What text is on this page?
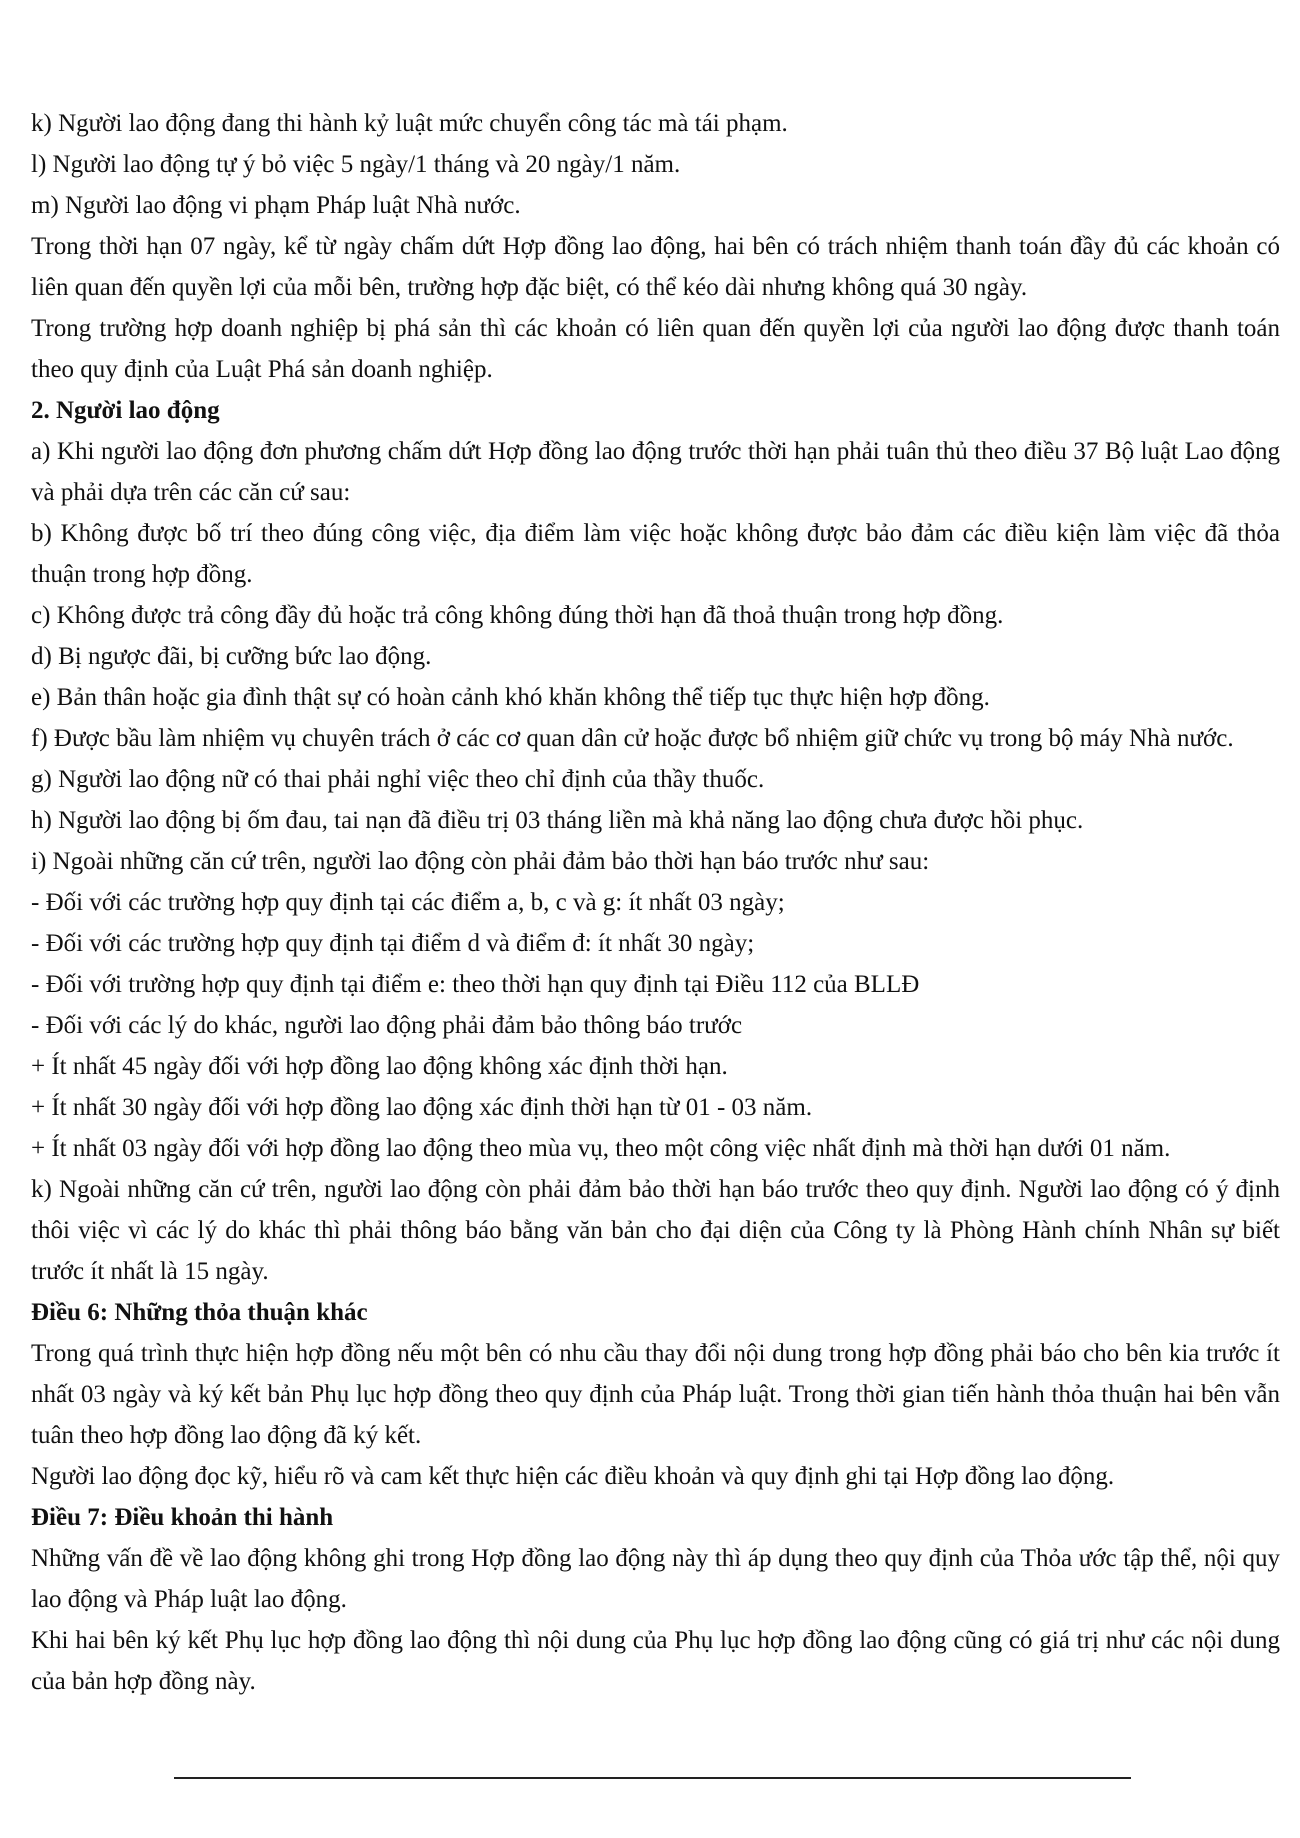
k) Người lao động đang thi hành kỷ luật mức chuyển công tác mà tái phạm.

l) Người lao động tự ý bỏ việc 5 ngày/1 tháng và 20 ngày/1 năm.

m) Người lao động vi phạm Pháp luật Nhà nước.

Trong thời hạn 07 ngày, kể từ ngày chấm dứt Hợp đồng lao động, hai bên có trách nhiệm thanh toán đầy đủ các khoản có liên quan đến quyền lợi của mỗi bên, trường hợp đặc biệt, có thể kéo dài nhưng không quá 30 ngày.

Trong trường hợp doanh nghiệp bị phá sản thì các khoản có liên quan đến quyền lợi của người lao động được thanh toán theo quy định của Luật Phá sản doanh nghiệp.

2. Người lao động

a) Khi người lao động đơn phương chấm dứt Hợp đồng lao động trước thời hạn phải tuân thủ theo điều 37 Bộ luật Lao động và phải dựa trên các căn cứ sau:

b) Không được bố trí theo đúng công việc, địa điểm làm việc hoặc không được bảo đảm các điều kiện làm việc đã thỏa thuận trong hợp đồng.

c) Không được trả công đầy đủ hoặc trả công không đúng thời hạn đã thoả thuận trong hợp đồng.

d) Bị ngược đãi, bị cưỡng bức lao động.

e) Bản thân hoặc gia đình thật sự có hoàn cảnh khó khăn không thể tiếp tục thực hiện hợp đồng.

f) Được bầu làm nhiệm vụ chuyên trách ở các cơ quan dân cử hoặc được bổ nhiệm giữ chức vụ trong bộ máy Nhà nước.

g) Người lao động nữ có thai phải nghỉ việc theo chỉ định của thầy thuốc.

h) Người lao động bị ốm đau, tai nạn đã điều trị 03 tháng liền mà khả năng lao động chưa được hồi phục.

i) Ngoài những căn cứ trên, người lao động còn phải đảm bảo thời hạn báo trước như sau:

- Đối với các trường hợp quy định tại các điểm a, b, c và g: ít nhất 03 ngày;

- Đối với các trường hợp quy định tại điểm d và điểm đ: ít nhất 30 ngày;

- Đối với trường hợp quy định tại điểm e: theo thời hạn quy định tại Điều 112 của BLLĐ

- Đối với các lý do khác, người lao động phải đảm bảo thông báo trước

+ Ít nhất 45 ngày đối với hợp đồng lao động không xác định thời hạn.

+ Ít nhất 30 ngày đối với hợp đồng lao động xác định thời hạn từ 01 - 03 năm.

+ Ít nhất 03 ngày đối với hợp đồng lao động theo mùa vụ, theo một công việc nhất định mà thời hạn dưới 01 năm.

k) Ngoài những căn cứ trên, người lao động còn phải đảm bảo thời hạn báo trước theo quy định. Người lao động có ý định thôi việc vì các lý do khác thì phải thông báo bằng văn bản cho đại diện của Công ty là Phòng Hành chính Nhân sự biết trước ít nhất là 15 ngày.

Điều 6: Những thỏa thuận khác

Trong quá trình thực hiện hợp đồng nếu một bên có nhu cầu thay đổi nội dung trong hợp đồng phải báo cho bên kia trước ít nhất 03 ngày và ký kết bản Phụ lục hợp đồng theo quy định của Pháp luật. Trong thời gian tiến hành thỏa thuận hai bên vẫn tuân theo hợp đồng lao động đã ký kết.

Người lao động đọc kỹ, hiểu rõ và cam kết thực hiện các điều khoản và quy định ghi tại Hợp đồng lao động.

Điều 7: Điều khoản thi hành

Những vấn đề về lao động không ghi trong Hợp đồng lao động này thì áp dụng theo quy định của Thỏa ước tập thể, nội quy lao động và Pháp luật lao động.

Khi hai bên ký kết Phụ lục hợp đồng lao động thì nội dung của Phụ lục hợp đồng lao động cũng có giá trị như các nội dung của bản hợp đồng này.
